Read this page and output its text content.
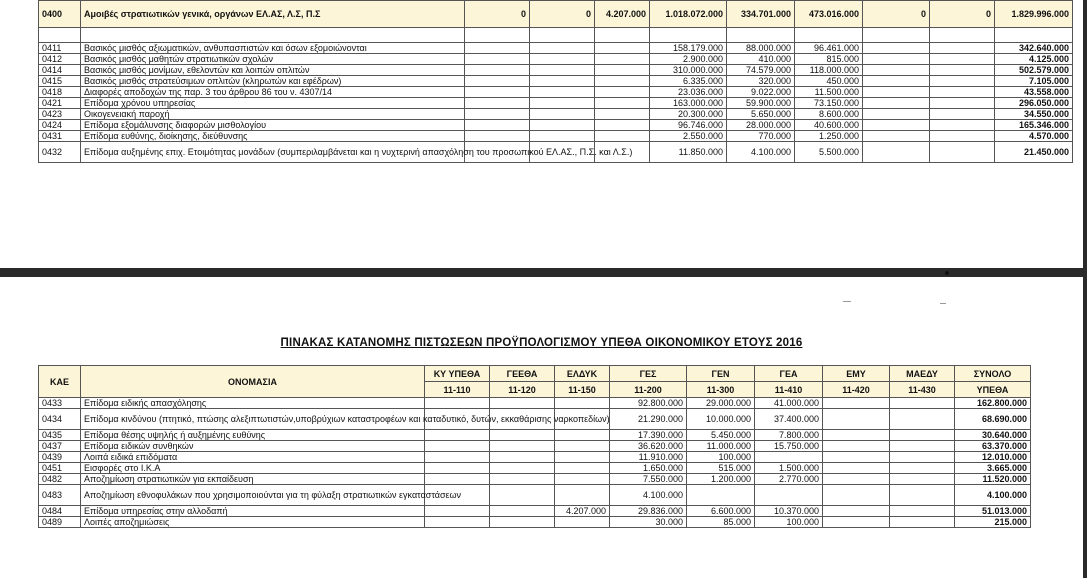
0400	Αμοιβές στρατιωτικών γενικά, οργάνων ΕΛ.ΑΣ, Λ.Σ, Π.Σ	0	0	4.207.000	1.018.072.000	334.701.000	473.016.000	0	0	1.829.996.000

0411	Βασικός μισθός αξιωματικών, ανθυπασπιστών και όσων εξομοιώνονται				158.179.000	88.000.000	96.461.000			342.640.000
0412	Βασικός μισθός μαθητών στρατιωτικών σχολών				2.900.000	410.000	815.000			4.125.000
0414	Βασικός μισθός μονίμων, εθελοντών και λοιπών οπλιτών				310.000.000	74.579.000	118.000.000			502.579.000
0415	Βασικός μισθός στρατεύσιμων οπλιτών (κληρωτών και εφέδρων)				6.335.000	320.000	450.000			7.105.000
0418	Διαφορές αποδοχών της παρ. 3 του άρθρου 86 του ν. 4307/14				23.036.000	9.022.000	11.500.000			43.558.000
0421	Επίδομα χρόνου υπηρεσίας				163.000.000	59.900.000	73.150.000			296.050.000
0423	Οικογενειακή παροχή				20.300.000	5.650.000	8.600.000			34.550.000
0424	Επίδομα εξομάλυνσης διαφορών μισθολογίου				96.746.000	28.000.000	40.600.000			165.346.000
0431	Επίδομα ευθύνης, διοίκησης, διεύθυνσης				2.550.000	770.000	1.250.000			4.570.000
0432	Επίδομα αυξημένης επιχ. Ετοιμότητας μονάδων (συμπεριλαμβάνεται και η νυχτερινή απασχόληση του προσωπικού ΕΛ.ΑΣ., Π.Σ. και Λ.Σ.)				11.850.000	4.100.000	5.500.000			21.450.000
ΠΙΝΑΚΑΣ ΚΑΤΑΝΟΜΗΣ ΠΙΣΤΩΣΕΩΝ ΠΡΟΫΠΟΛΟΓΙΣΜΟΥ ΥΠΕΘΑ ΟΙΚΟΝΟΜΙΚΟΥ ΕΤΟΥΣ 2016
ΚΑΕ	ΟΝΟΜΑΣΙΑ	ΚΥ ΥΠΕΘΑ	ΓΕΕΘΑ	ΕΛΔΥΚ	ΓΕΣ	ΓΕΝ	ΓΕΑ	ΕΜΥ	ΜΑΕΔΥ	ΣΥΝΟΛΟ
		11-110	11-120	11-150	11-200	11-300	11-410	11-420	11-430	ΥΠΕΘΑ
0433	Επίδομα ειδικής απασχόλησης				92.800.000	29.000.000	41.000.000			162.800.000
0434	Επίδομα κινδύνου (πτητικό, πτώσης αλεξιπτωτιστών,υποβρύχιων καταστροφέων και καταδυτικό, δυτών, εκκαθάρισης ναρκοπεδίων)				21.290.000	10.000.000	37.400.000			68.690.000
0435	Επίδομα θέσης υψηλής ή αυξημένης ευθύνης				17.390.000	5.450.000	7.800.000			30.640.000
0437	Επίδομα ειδικών συνθηκών				36.620.000	11.000.000	15.750.000			63.370.000
0439	Λοιπά ειδικά επιδόματα				11.910.000	100.000				12.010.000
0451	Εισφορές στο Ι.Κ.Α				1.650.000	515.000	1.500.000			3.665.000
0482	Αποζημίωση στρατιωτικών για εκπαίδευση				7.550.000	1.200.000	2.770.000			11.520.000
0483	Αποζημίωση εθνοφυλάκων που χρησιμοποιούνται για τη φύλαξη στρατιωτικών εγκαταστάσεων				4.100.000					4.100.000
0484	Επίδομα υπηρεσίας στην αλλοδαπή			4.207.000	29.836.000	6.600.000	10.370.000			51.013.000
0489	Λοιπές αποζημιώσεις				30.000	85.000	100.000			215.000
